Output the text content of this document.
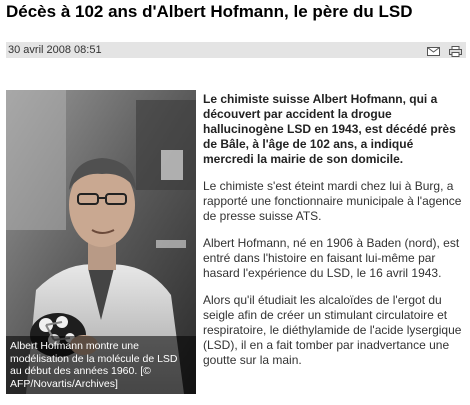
Décès à 102 ans d'Albert Hofmann, le père du LSD
30 avril 2008 08:51

Albert Hofmann montre une modélisation de la molécule de LSD au début des années 1960. [© AFP/Novartis/Archives]

Le chimiste suisse Albert Hofmann, qui a découvert par accident la drogue hallucinogène LSD en 1943, est décédé près de Bâle, à l'âge de 102 ans, a indiqué mercredi la mairie de son domicile.

Le chimiste s'est éteint mardi chez lui à Burg, a rapporté une fonctionnaire municipale à l'agence de presse suisse ATS.

Albert Hofmann, né en 1906 à Baden (nord), est entré dans l'histoire en faisant lui-même par hasard l'expérience du LSD, le 16 avril 1943.

Alors qu'il étudiait les alcaloïdes de l'ergot du seigle afin de créer un stimulant circulatoire et respiratoire, le diéthylamide de l'acide lysergique (LSD), il en a fait tomber par inadvertance une goutte sur la main.
